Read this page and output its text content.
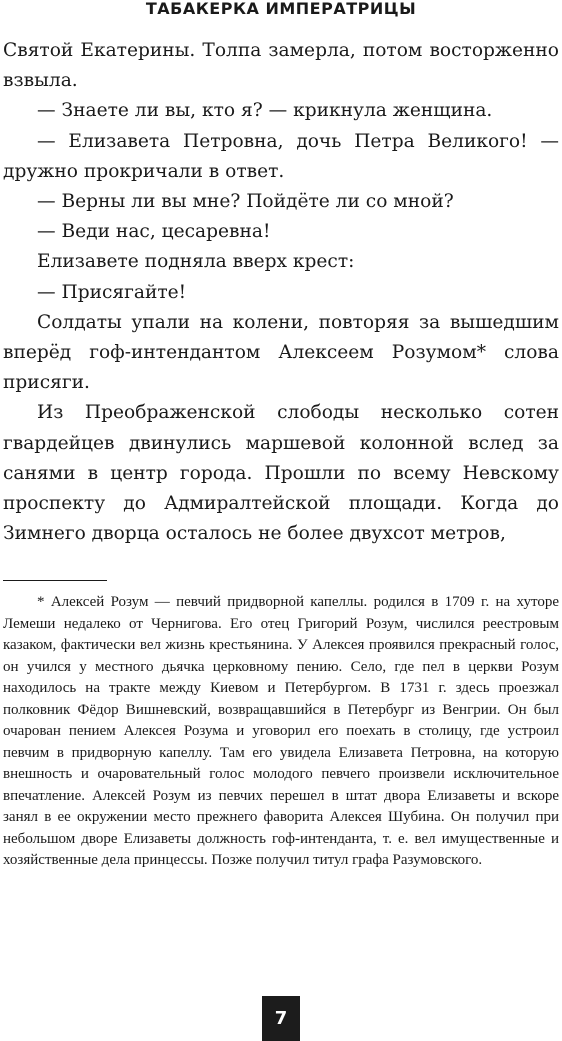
ТАБАКЕРКА ИМПЕРАТРИЦЫ

Святой Екатерины. Толпа замерла, потом восторженно взвыла.

— Знаете ли вы, кто я? — крикнула женщина.

— Елизавета Петровна, дочь Петра Великого! — дружно прокричали в ответ.

— Верны ли вы мне? Пойдёте ли со мной?

— Веди нас, цесаревна!

Елизавете подняла вверх крест:

— Присягайте!

Солдаты упали на колени, повторяя за вышедшим вперёд гоф-интендантом Алексеем Розумом* слова присяги.

Из Преображенской слободы несколько сотен гвардейцев двинулись маршевой колонной вслед за санями в центр города. Прошли по всему Невскому проспекту до Адмиралтейской площади. Когда до Зимнего дворца осталось не более двухсот метров,

* Алексей Розум — певчий придворной капеллы. родился в 1709 г. на хуторе Лемеши недалеко от Чернигова. Его отец Григорий Розум, числился реестровым казаком, фактически вел жизнь крестьянина. У Алексея проявился прекрасный голос, он учился у местного дьячка церковному пению. Село, где пел в церкви Розум находилось на тракте между Киевом и Петербургом. В 1731 г. здесь проезжал полковник Фёдор Вишневский, возвращавшийся в Петербург из Венгрии. Он был очарован пением Алексея Розума и уговорил его поехать в столицу, где устроил певчим в придворную капеллу. Там его увидела Елизавета Петровна, на которую внешность и очаровательный голос молодого певчего произвели исключительное впечатление. Алексей Розум из певчих перешел в штат двора Елизаветы и вскоре занял в ее окружении место прежнего фаворита Алексея Шубина. Он получил при небольшом дворе Елизаветы должность гоф-интенданта, т. е. вел имущественные и хозяйственные дела принцессы. Позже получил титул графа Разумовского.

7
